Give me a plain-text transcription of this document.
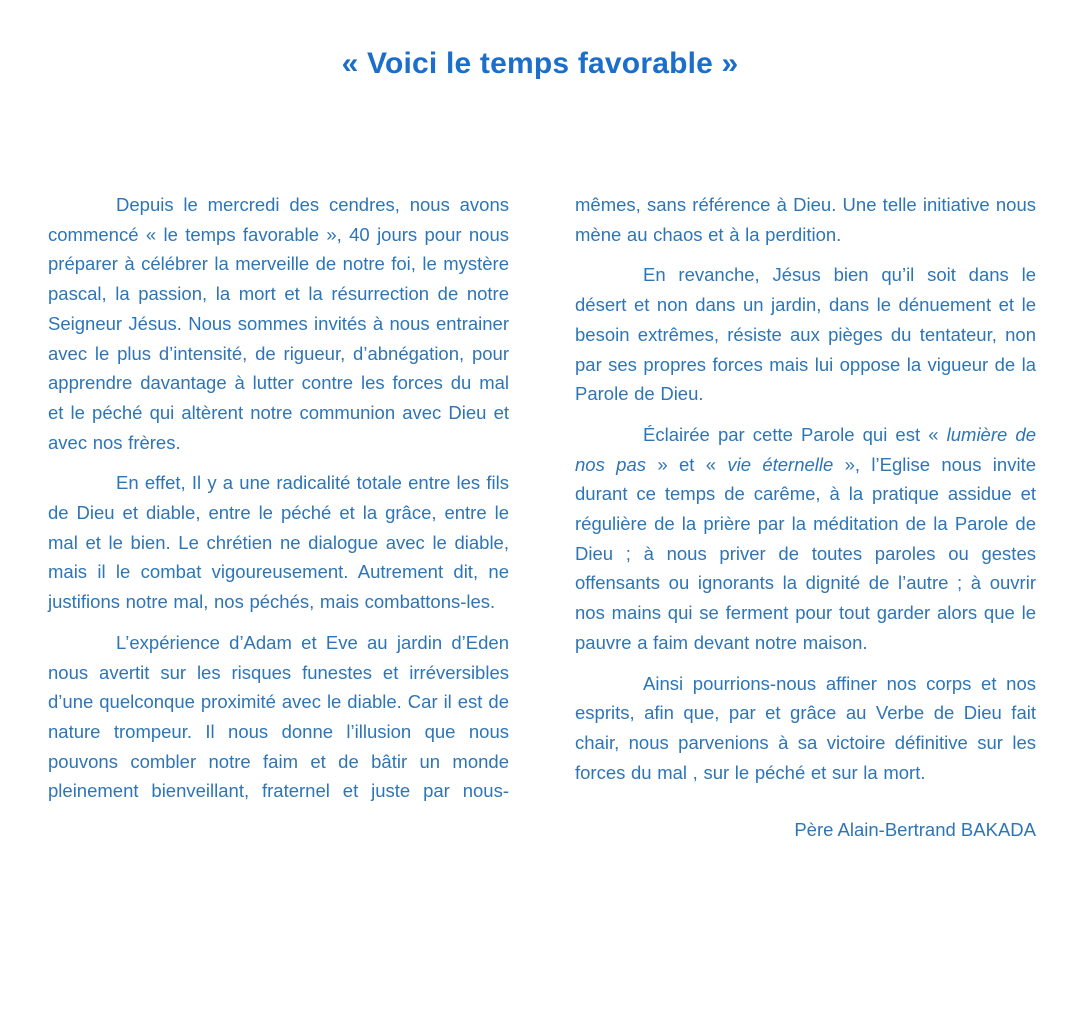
« Voici le temps favorable »

Depuis le mercredi des cendres, nous avons commencé « le temps favorable », 40 jours pour nous préparer à célébrer la merveille de notre foi, le mystère pascal, la passion, la mort et la résurrection de notre Seigneur Jésus. Nous sommes invités à nous entrainer avec le plus d’intensité, de rigueur, d’abnégation, pour apprendre davantage à lutter contre les forces du mal et le péché qui altèrent notre communion avec Dieu et avec nos frères.

En effet, Il y a une radicalité totale entre les fils de Dieu et diable, entre le péché et la grâce, entre le mal et le bien. Le chrétien ne dialogue avec le diable, mais il le combat vigoureusement. Autrement dit, ne justifions notre mal, nos péchés, mais combattons-les.

L’expérience d’Adam et Eve au jardin d’Eden nous avertit sur les risques funestes et irréversibles d’une quelconque proximité avec le diable. Car il est de nature trompeur. Il nous donne l’illusion que nous pouvons combler notre faim et de bâtir un monde pleinement bienveillant, fraternel et juste par nous-

mêmes, sans référence à Dieu. Une telle initiative nous mène au chaos et à la perdition.

En revanche, Jésus bien qu’il soit dans le désert et non dans un jardin, dans le dénuement et le besoin extrêmes, résiste aux pièges du tentateur, non par ses propres forces mais lui oppose la vigueur de la Parole de Dieu.

Éclairée par cette Parole qui est « lumière de nos pas » et « vie éternelle », l’Eglise nous invite durant ce temps de carême, à la pratique assidue et régulière de la prière par la méditation de la Parole de Dieu ; à nous priver de toutes paroles ou gestes offensants ou ignorants la dignité de l’autre ; à ouvrir nos mains qui se ferment pour tout garder alors que le pauvre a faim devant notre maison.

Ainsi pourrions-nous affiner nos corps et nos esprits, afin que, par et grâce au Verbe de Dieu fait chair, nous parvenions à sa victoire définitive sur les forces du mal , sur le péché et sur la mort.

Père Alain-Bertrand BAKADA
